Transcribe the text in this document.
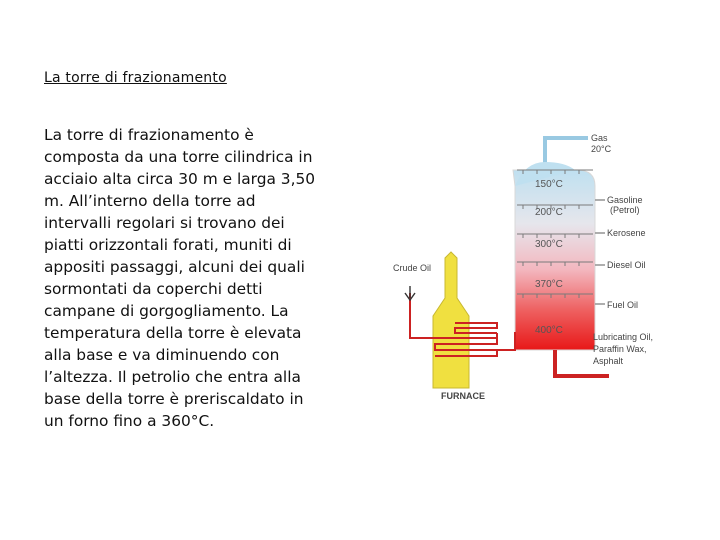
La torre di frazionamento
La torre di frazionamento è
composta da una torre cilindrica in
acciaio alta circa 30 m e larga 3,50
m. All’interno della torre ad
intervalli regolari si trovano dei
piatti orizzontali forati, muniti di
appositi passaggi, alcuni dei quali
sormontati da coperchi detti
campane di gorgogliamento. La
temperatura della torre è elevata
alla base e va diminuendo con
l’altezza. Il petrolio che entra alla
base della torre è preriscaldato in
un forno fino a 360°C.
150°C
200°C
300°C
370°C
400°C
Gas
20°C
Gasoline
(Petrol)
Kerosene
Diesel Oil
Fuel Oil
Lubricating Oil,
Paraffin Wax,
Asphalt
FURNACE
Crude Oil
